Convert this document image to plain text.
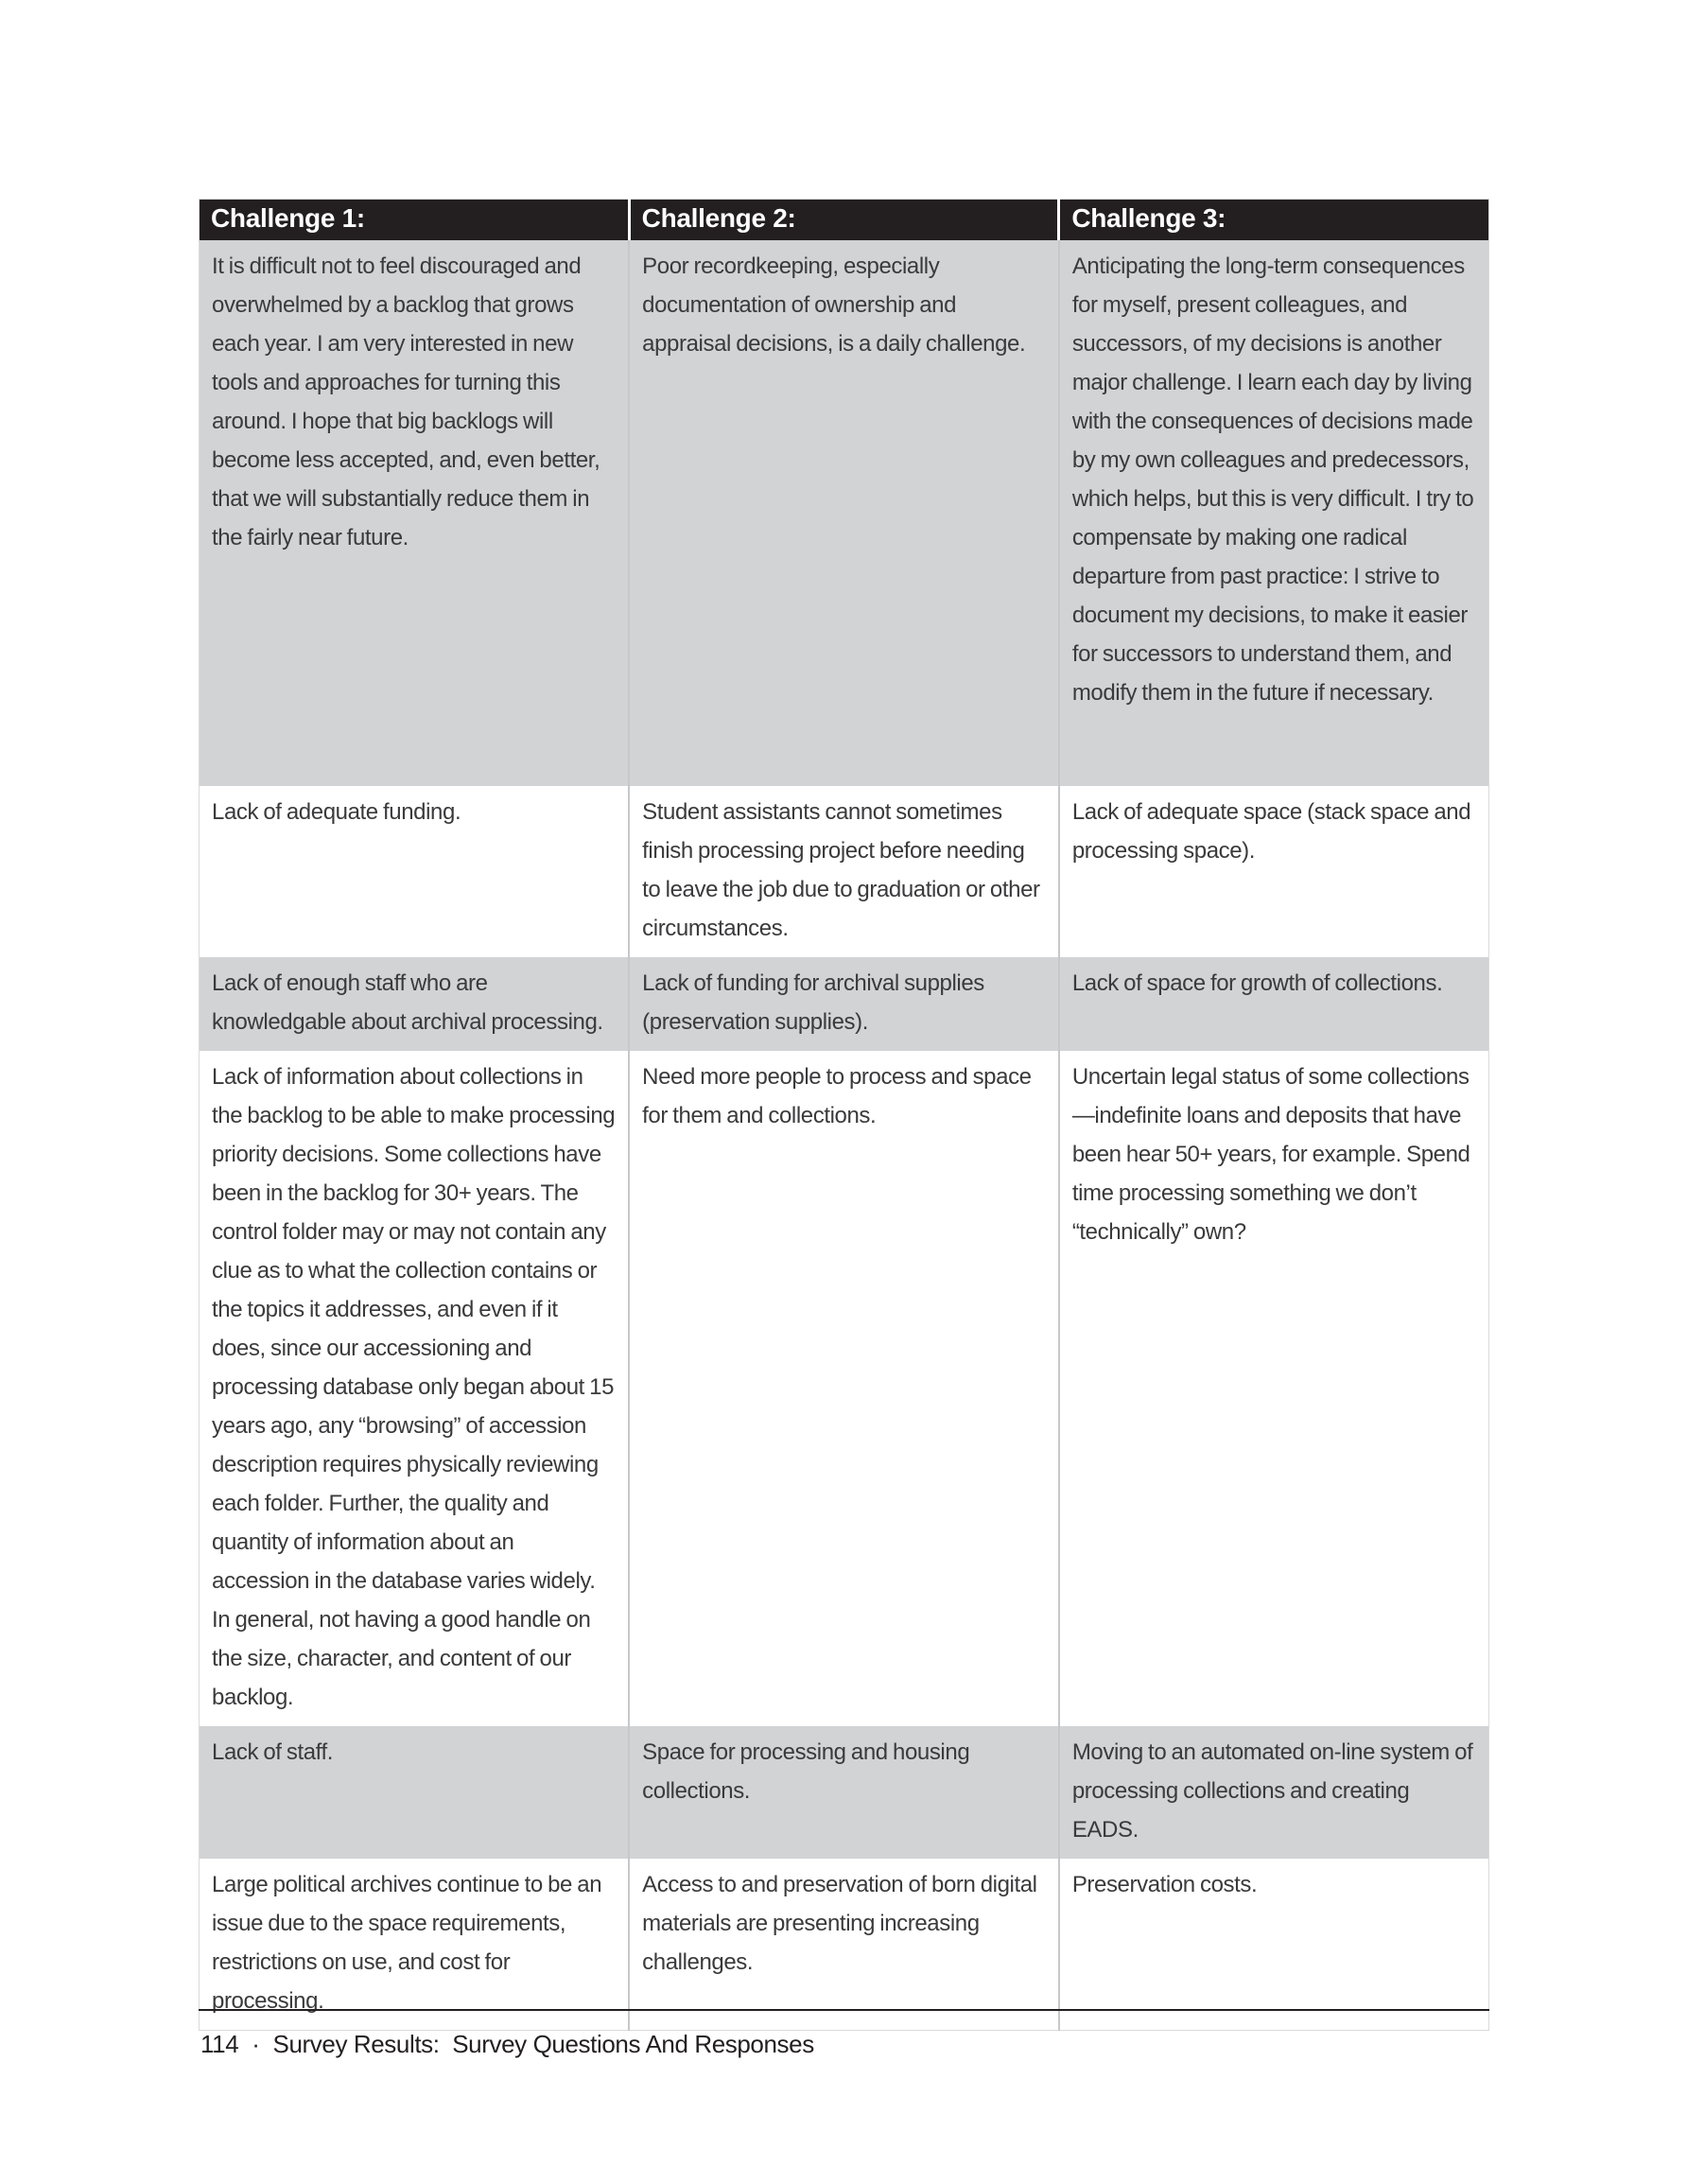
Challenge 1:	Challenge 2:	Challenge 3:
It is difficult not to feel discouraged and overwhelmed by a backlog that grows each year. I am very interested in new tools and approaches for turning this around. I hope that big backlogs will become less accepted, and, even better, that we will substantially reduce them in the fairly near future.	Poor recordkeeping, especially documentation of ownership and appraisal decisions, is a daily challenge.	Anticipating the long-term consequences for myself, present colleagues, and successors, of my decisions is another major challenge. I learn each day by living with the consequences of decisions made by my own colleagues and predecessors, which helps, but this is very difficult. I try to compensate by making one radical departure from past practice: I strive to document my decisions, to make it easier for successors to understand them, and modify them in the future if necessary.
Lack of adequate funding.	Student assistants cannot sometimes finish processing project before needing to leave the job due to graduation or other circumstances.	Lack of adequate space (stack space and processing space).
Lack of enough staff who are knowledgable about archival processing.	Lack of funding for archival supplies (preservation supplies).	Lack of space for growth of collections.
Lack of information about collections in the backlog to be able to make processing priority decisions. Some collections have been in the backlog for 30+ years. The control folder may or may not contain any clue as to what the collection contains or the topics it addresses, and even if it does, since our accessioning and processing database only began about 15 years ago, any “browsing” of accession description requires physically reviewing each folder. Further, the quality and quantity of information about an accession in the database varies widely. In general, not having a good handle on the size, character, and content of our backlog.	Need more people to process and space for them and collections.	Uncertain legal status of some collections—indefinite loans and deposits that have been hear 50+ years, for example. Spend time processing something we don’t “technically” own?
Lack of staff.	Space for processing and housing collections.	Moving to an automated on-line system of processing collections and creating EADS.
Large political archives continue to be an issue due to the space requirements, restrictions on use, and cost for processing.	Access to and preservation of born digital materials are presenting increasing challenges.	Preservation costs.
114 · Survey Results:  Survey Questions And Responses
